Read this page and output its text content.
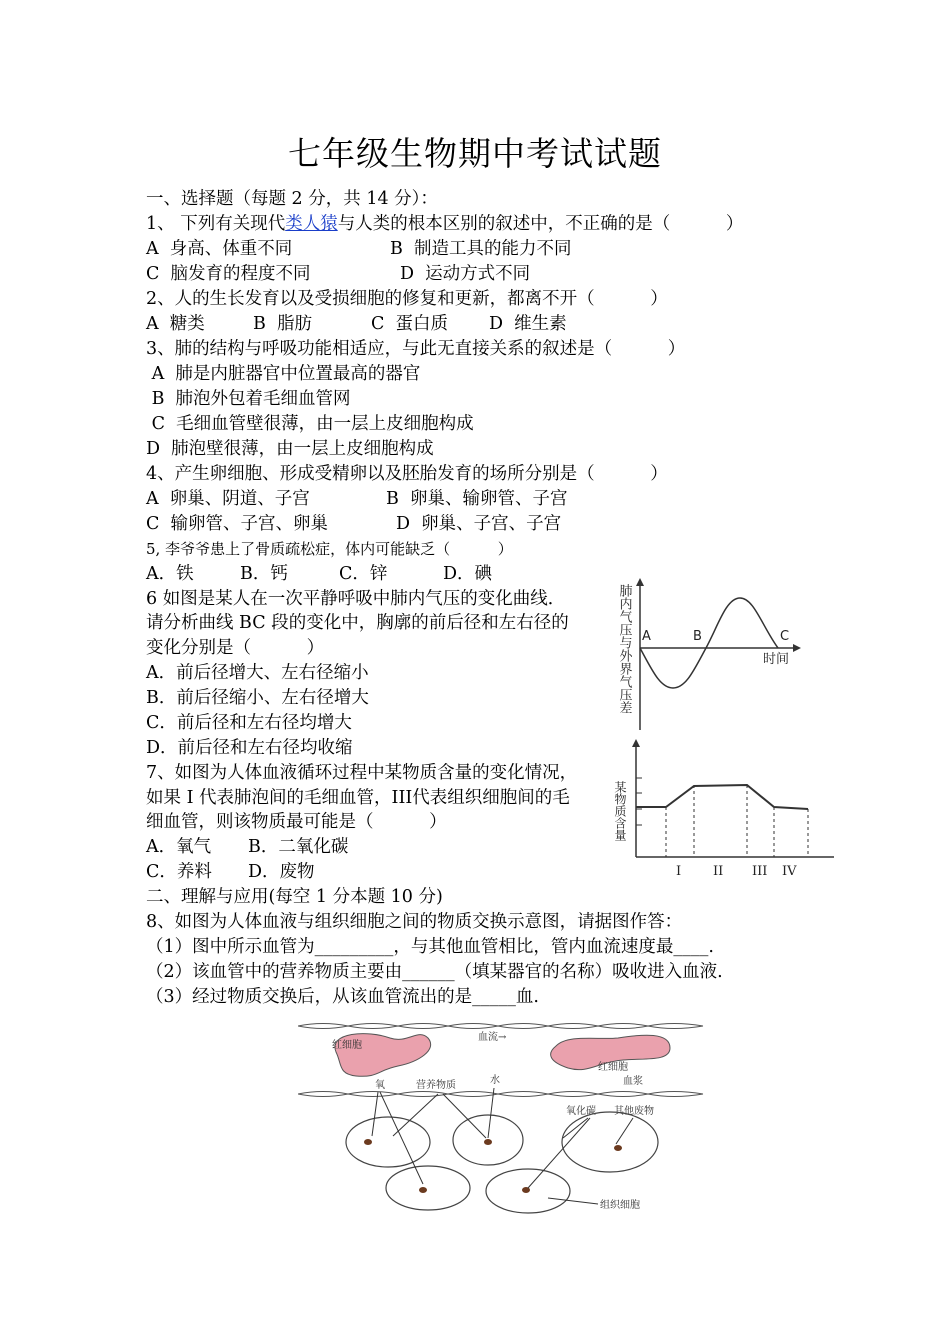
七年级生物期中考试试题
一、选择题（每题 2 分，共 14 分）：
1、 下列有关现代类人猿与人类的根本区别的叙述中，不正确的是（          ）
A  身高、体重不同	B  制造工具的能力不同
C  脑发育的程度不同	D  运动方式不同
2、人的生长发育以及受损细胞的修复和更新，都离不开（          ）
A  糖类	B  脂肪	C  蛋白质 D  维生素
3、肺的结构与呼吸功能相适应，与此无直接关系的叙述是（          ）
A  肺是内脏器官中位置最高的器官
B  肺泡外包着毛细血管网
C  毛细血管壁很薄，由一层上皮细胞构成
D  肺泡壁很薄，由一层上皮细胞构成
4、产生卵细胞、形成受精卵以及胚胎发育的场所分别是（          ）
A  卵巢、阴道、子宫	B  卵巢、输卵管、子宫
C  输卵管、子宫、卵巢	D  卵巢、子宫、子宫
5, 李爷爷患上了骨质疏松症，体内可能缺乏（          ）
A．铁	B．钙	C．锌	D．碘
6 如图是某人在一次平静呼吸中肺内气压的变化曲线．
请分析曲线 BC 段的变化中，胸廓的前后径和左右径的
变化分别是（          ）
A．前后径增大、左右径缩小
B．前后径缩小、左右径增大
C．前后径和左右径均增大
D．前后径和左右径均收缩
肺内气压与外界气压差 A	B	C
时间
7、如图为人体血液循环过程中某物质含量的变化情况，
如果 I 代表肺泡间的毛细血管，III代表组织细胞间的毛
细血管，则该物质最可能是（          ）
A．氧气 B．二氧化碳
C．养料 D．废物
某物质含量
I II III IV
二、理解与应用(每空 1 分本题 10 分)
8、如图为人体血液与组织细胞之间的物质交换示意图，请据图作答：
（1）图中所示血管为_________，与其他血管相比，管内血流速度最____.
（2）该血管中的营养物质主要由______（填某器官的名称）吸收进入血液.
（3）经过物质交换后，从该血管流出的是_____血.
红细胞
血流→
红细胞
血浆
氧	营养物质	水
氧化碳 其他废物
组织细胞
